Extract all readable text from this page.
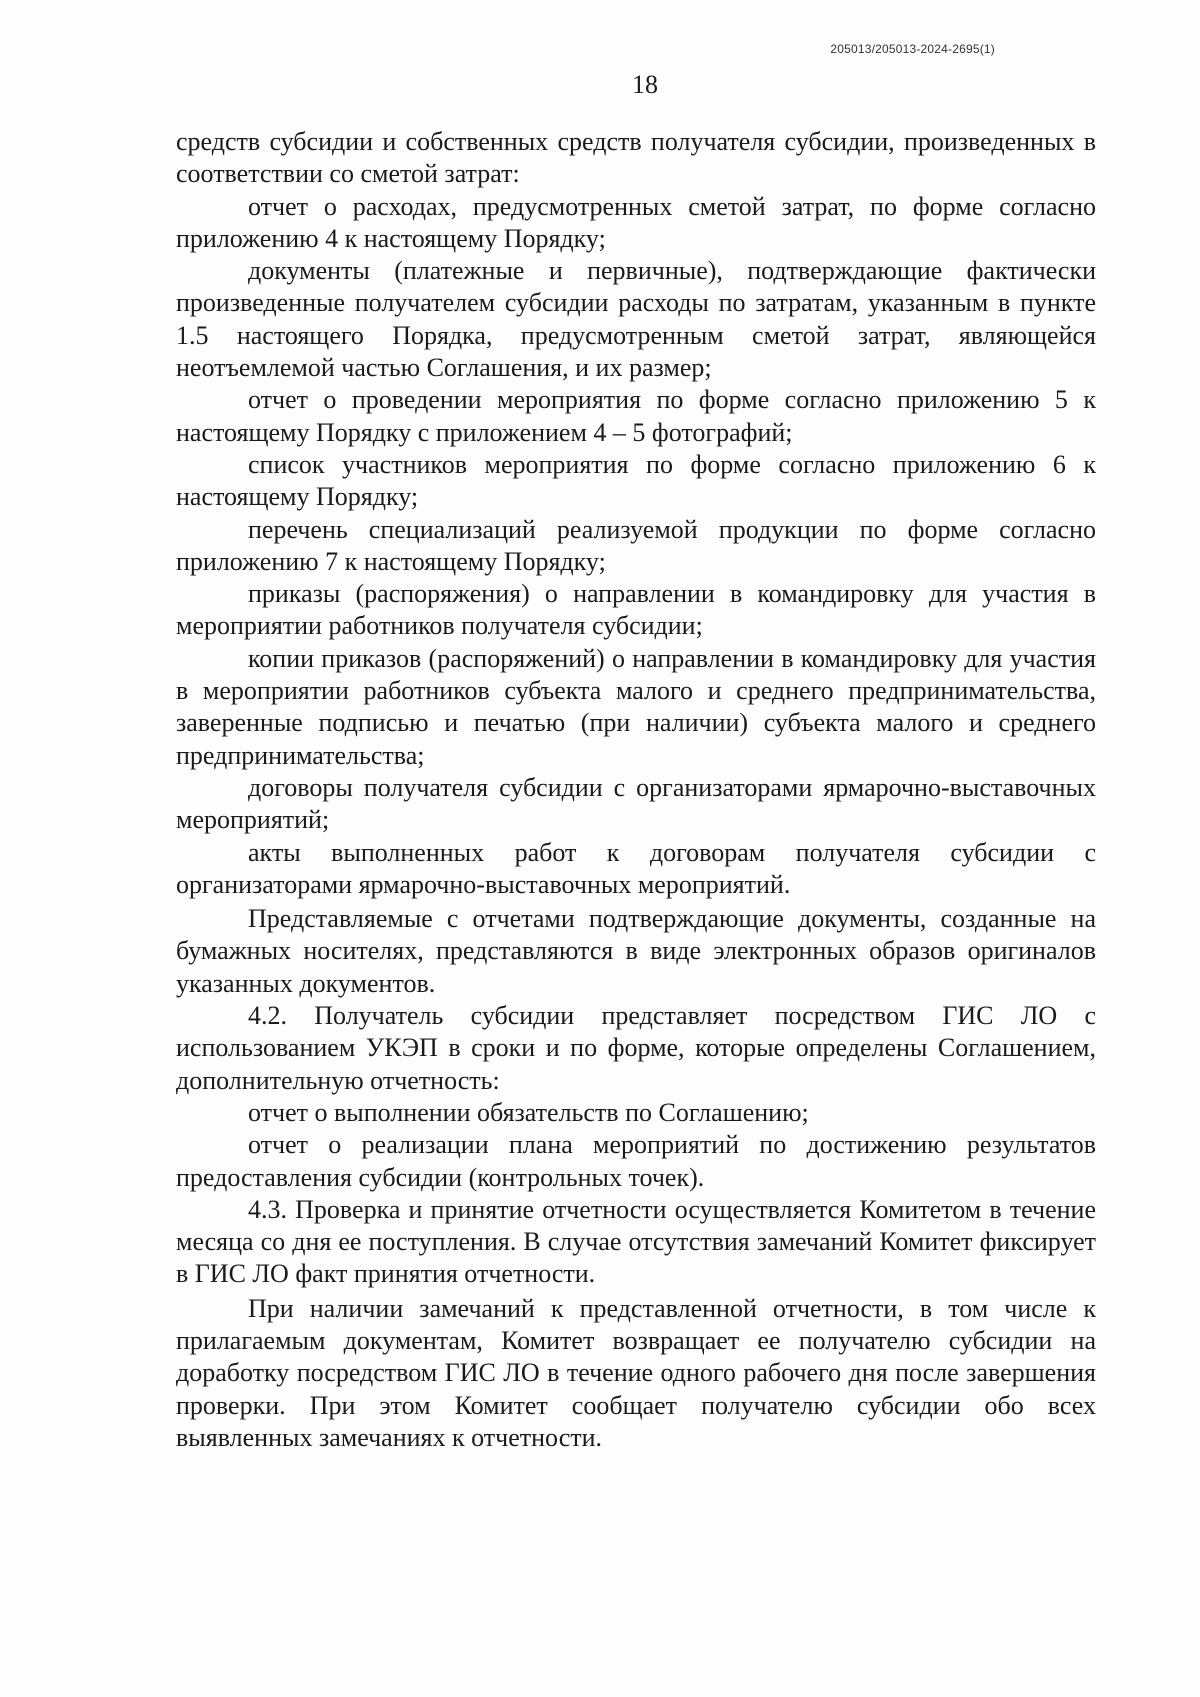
205013/205013-2024-2695(1)
18

средств субсидии и собственных средств получателя субсидии, произведенных в соответствии со сметой затрат:

отчет о расходах, предусмотренных сметой затрат, по форме согласно приложению 4 к настоящему Порядку;

документы (платежные и первичные), подтверждающие фактически произведенные получателем субсидии расходы по затратам, указанным в пункте 1.5 настоящего Порядка, предусмотренным сметой затрат, являющейся неотъемлемой частью Соглашения, и их размер;

отчет о проведении мероприятия по форме согласно приложению 5 к настоящему Порядку с приложением 4 – 5 фотографий;

список участников мероприятия по форме согласно приложению 6 к настоящему Порядку;

перечень специализаций реализуемой продукции по форме согласно приложению 7 к настоящему Порядку;

приказы (распоряжения) о направлении в командировку для участия в мероприятии работников получателя субсидии;

копии приказов (распоряжений) о направлении в командировку для участия в мероприятии работников субъекта малого и среднего предпринимательства, заверенные подписью и печатью (при наличии) субъекта малого и среднего предпринимательства;

договоры получателя субсидии с организаторами ярмарочно-выставочных мероприятий;

акты выполненных работ к договорам получателя субсидии с организаторами ярмарочно-выставочных мероприятий.

Представляемые с отчетами подтверждающие документы, созданные на бумажных носителях, представляются в виде электронных образов оригиналов указанных документов.

4.2. Получатель субсидии представляет посредством ГИС ЛО с использованием УКЭП в сроки и по форме, которые определены Соглашением, дополнительную отчетность:

отчет о выполнении обязательств по Соглашению;

отчет о реализации плана мероприятий по достижению результатов предоставления субсидии (контрольных точек).

4.3. Проверка и принятие отчетности осуществляется Комитетом в течение месяца со дня ее поступления. В случае отсутствия замечаний Комитет фиксирует в ГИС ЛО факт принятия отчетности.

При наличии замечаний к представленной отчетности, в том числе к прилагаемым документам, Комитет возвращает ее получателю субсидии на доработку посредством ГИС ЛО в течение одного рабочего дня после завершения проверки. При этом Комитет сообщает получателю субсидии обо всех выявленных замечаниях к отчетности.
